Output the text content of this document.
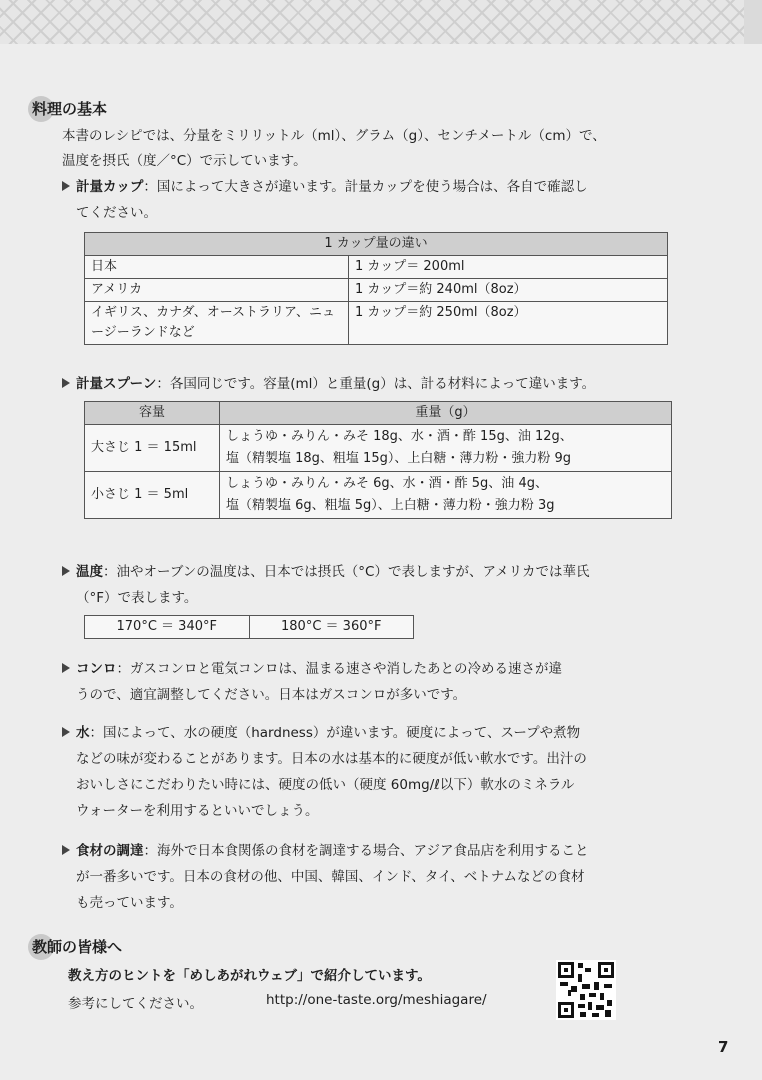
料理の基本
本書のレシピでは、分量をミリリットル（ml）、グラム（g）、センチメートル（cm）で、
温度を摂氏（度／°C）で示しています。
計量カップ：国によって大きさが違います。計量カップを使う場合は、各自で確認し
てください。
1 カップ量の違い	
日本	1 カップ＝ 200ml
アメリカ	1 カップ＝約 240ml（8oz）
イギリス、カナダ、オーストラリア、ニュージーランドなど	1 カップ＝約 250ml（8oz）
計量スプーン：各国同じです。容量(ml）と重量(g）は、計る材料によって違います。
容量	重量（g）
大さじ 1 ＝ 15ml	しょうゆ・みりん・みそ 18g、水・酒・酢 15g、油 12g、
塩（精製塩 18g、粗塩 15g）、上白糖・薄力粉・強力粉 9g

小さじ 1 ＝ 5ml	しょうゆ・みりん・みそ 6g、水・酒・酢 5g、油 4g、
塩（精製塩 6g、粗塩 5g）、上白糖・薄力粉・強力粉 3g
温度：油やオーブンの温度は、日本では摂氏（°C）で表しますが、アメリカでは華氏
（°F）で表します。
170°C ＝ 340°F	180°C ＝ 360°F
コンロ：ガスコンロと電気コンロは、温まる速さや消したあとの冷める速さが違
うので、適宜調整してください。日本はガスコンロが多いです。
水：国によって、水の硬度（hardness）が違います。硬度によって、スープや煮物
などの味が変わることがあります。日本の水は基本的に硬度が低い軟水です。出汁の
おいしさにこだわりたい時には、硬度の低い（硬度 60mg/ℓ以下）軟水のミネラル
ウォーターを利用するといいでしょう。
食材の調達：海外で日本食関係の食材を調達する場合、アジア食品店を利用すること
が一番多いです。日本の食材の他、中国、韓国、インド、タイ、ベトナムなどの食材
も売っています。
教師の皆様へ
教え方のヒントを「めしあがれウェブ」で紹介しています。
参考にしてください。	http://one-taste.org/meshiagare/
7
